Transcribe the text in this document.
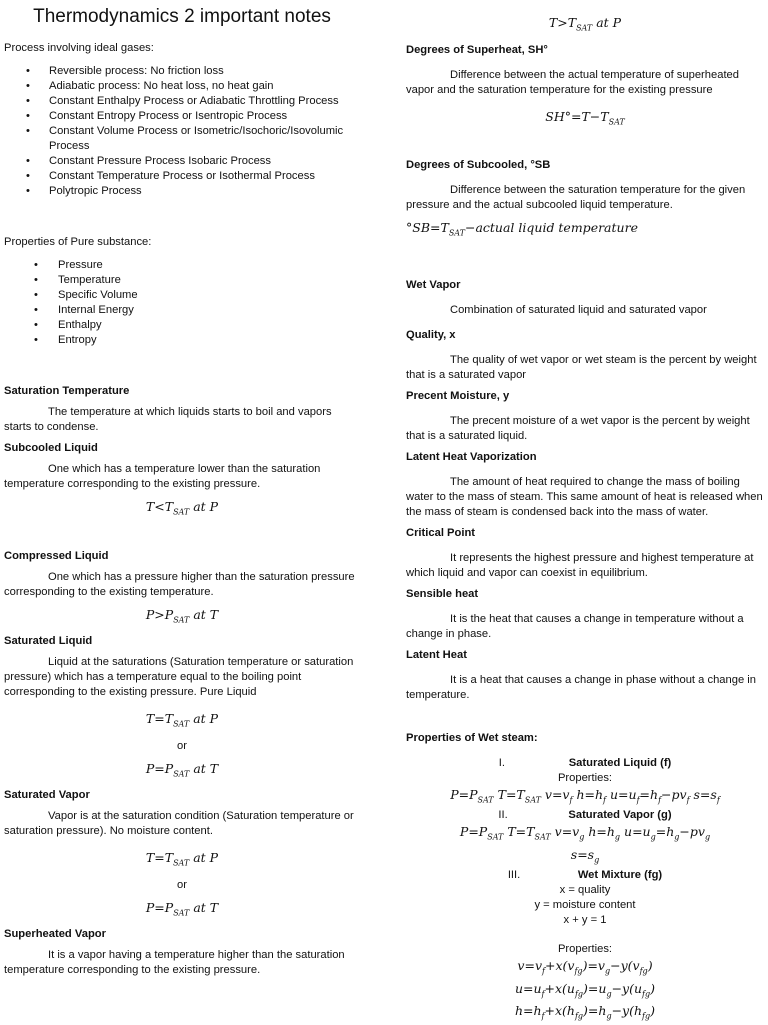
Thermodynamics 2 important notes

Process involving ideal gases:

• Reversible process: No friction loss
• Adiabatic process: No heat loss, no heat gain
• Constant Enthalpy Process or Adiabatic Throttling Process
• Constant Entropy Process or Isentropic Process
• Constant Volume Process or Isometric/Isochoric/Isovolumic Process
• Constant Pressure Process Isobaric Process
• Constant Temperature Process or Isothermal Process
• Polytropic Process

Properties of Pure substance:

• Pressure
• Temperature
• Specific Volume
• Internal Energy
• Enthalpy
• Entropy

Saturation Temperature

The temperature at which liquids starts to boil and vapors starts to condense.

Subcooled Liquid

One which has a temperature lower than the saturation temperature corresponding to the existing pressure.

$T<T_{SAT}$ at P

Compressed Liquid

One which has a pressure higher than the saturation pressure corresponding to the existing temperature.

$P>P_{SAT}$ at T

Saturated Liquid

Liquid at the saturations (Saturation temperature or saturation pressure) which has a temperature equal to the boiling point corresponding to the existing pressure. Pure Liquid

$T=T_{SAT}$ at P

or

$P=P_{SAT}$ at T

Saturated Vapor

Vapor is at the saturation condition (Saturation temperature or saturation pressure). No moisture content.

$T=T_{SAT}$ at P

or

$P=P_{SAT}$ at T

Superheated Vapor

It is a vapor having a temperature higher than the saturation temperature corresponding to the existing pressure.

$T>T_{SAT}$ at P

Degrees of Superheat, SH°

Difference between the actual temperature of superheated vapor and the saturation temperature for the existing pressure

$SH^\circ=T-T_{SAT}$

Degrees of Subcooled, °SB

Difference between the saturation temperature for the given pressure and the actual subcooled liquid temperature.

$^\circ SB=T_{SAT}-actual$ liquid temperature

Wet Vapor

Combination of saturated liquid and saturated vapor

Quality, x

The quality of wet vapor or wet steam is the percent by weight that is a saturated vapor

Precent Moisture, y

The precent moisture of a wet vapor is the percent by weight that is a saturated liquid.

Latent Heat Vaporization

The amount of heat required to change the mass of boiling water to the mass of steam. This same amount of heat is released when the mass of steam is condensed back into the mass of water.

Critical Point

It represents the highest pressure and highest temperature at which liquid and vapor can coexist in equilibrium.

Sensible heat

It is the heat that causes a change in temperature without a change in phase.

Latent Heat

It is a heat that causes a change in phase without a change in temperature.

Properties of Wet steam:

I.	Saturated Liquid (f)

Properties:

$P=P_{SAT}$ $T=T_{SAT}$ $v=v_f$ $h=h_f$ $u=u_f=h_f-pv_f$ $s=s_f$

II.	Saturated Vapor (g)

$P=P_{SAT}$ $T=T_{SAT}$ $v=v_g$ $h=h_g$ $u=u_g=h_g-pv_g$

$s=s_g$

III.	Wet Mixture (fg)

x = quality

y = moisture content

x + y = 1

Properties:

$v=v_f+x(v_{fg})=v_g-y(v_{fg})$

$u=u_f+x(u_{fg})=u_g-y(u_{fg})$

$h=h_f+x(h_{fg})=h_g-y(h_{fg})$
